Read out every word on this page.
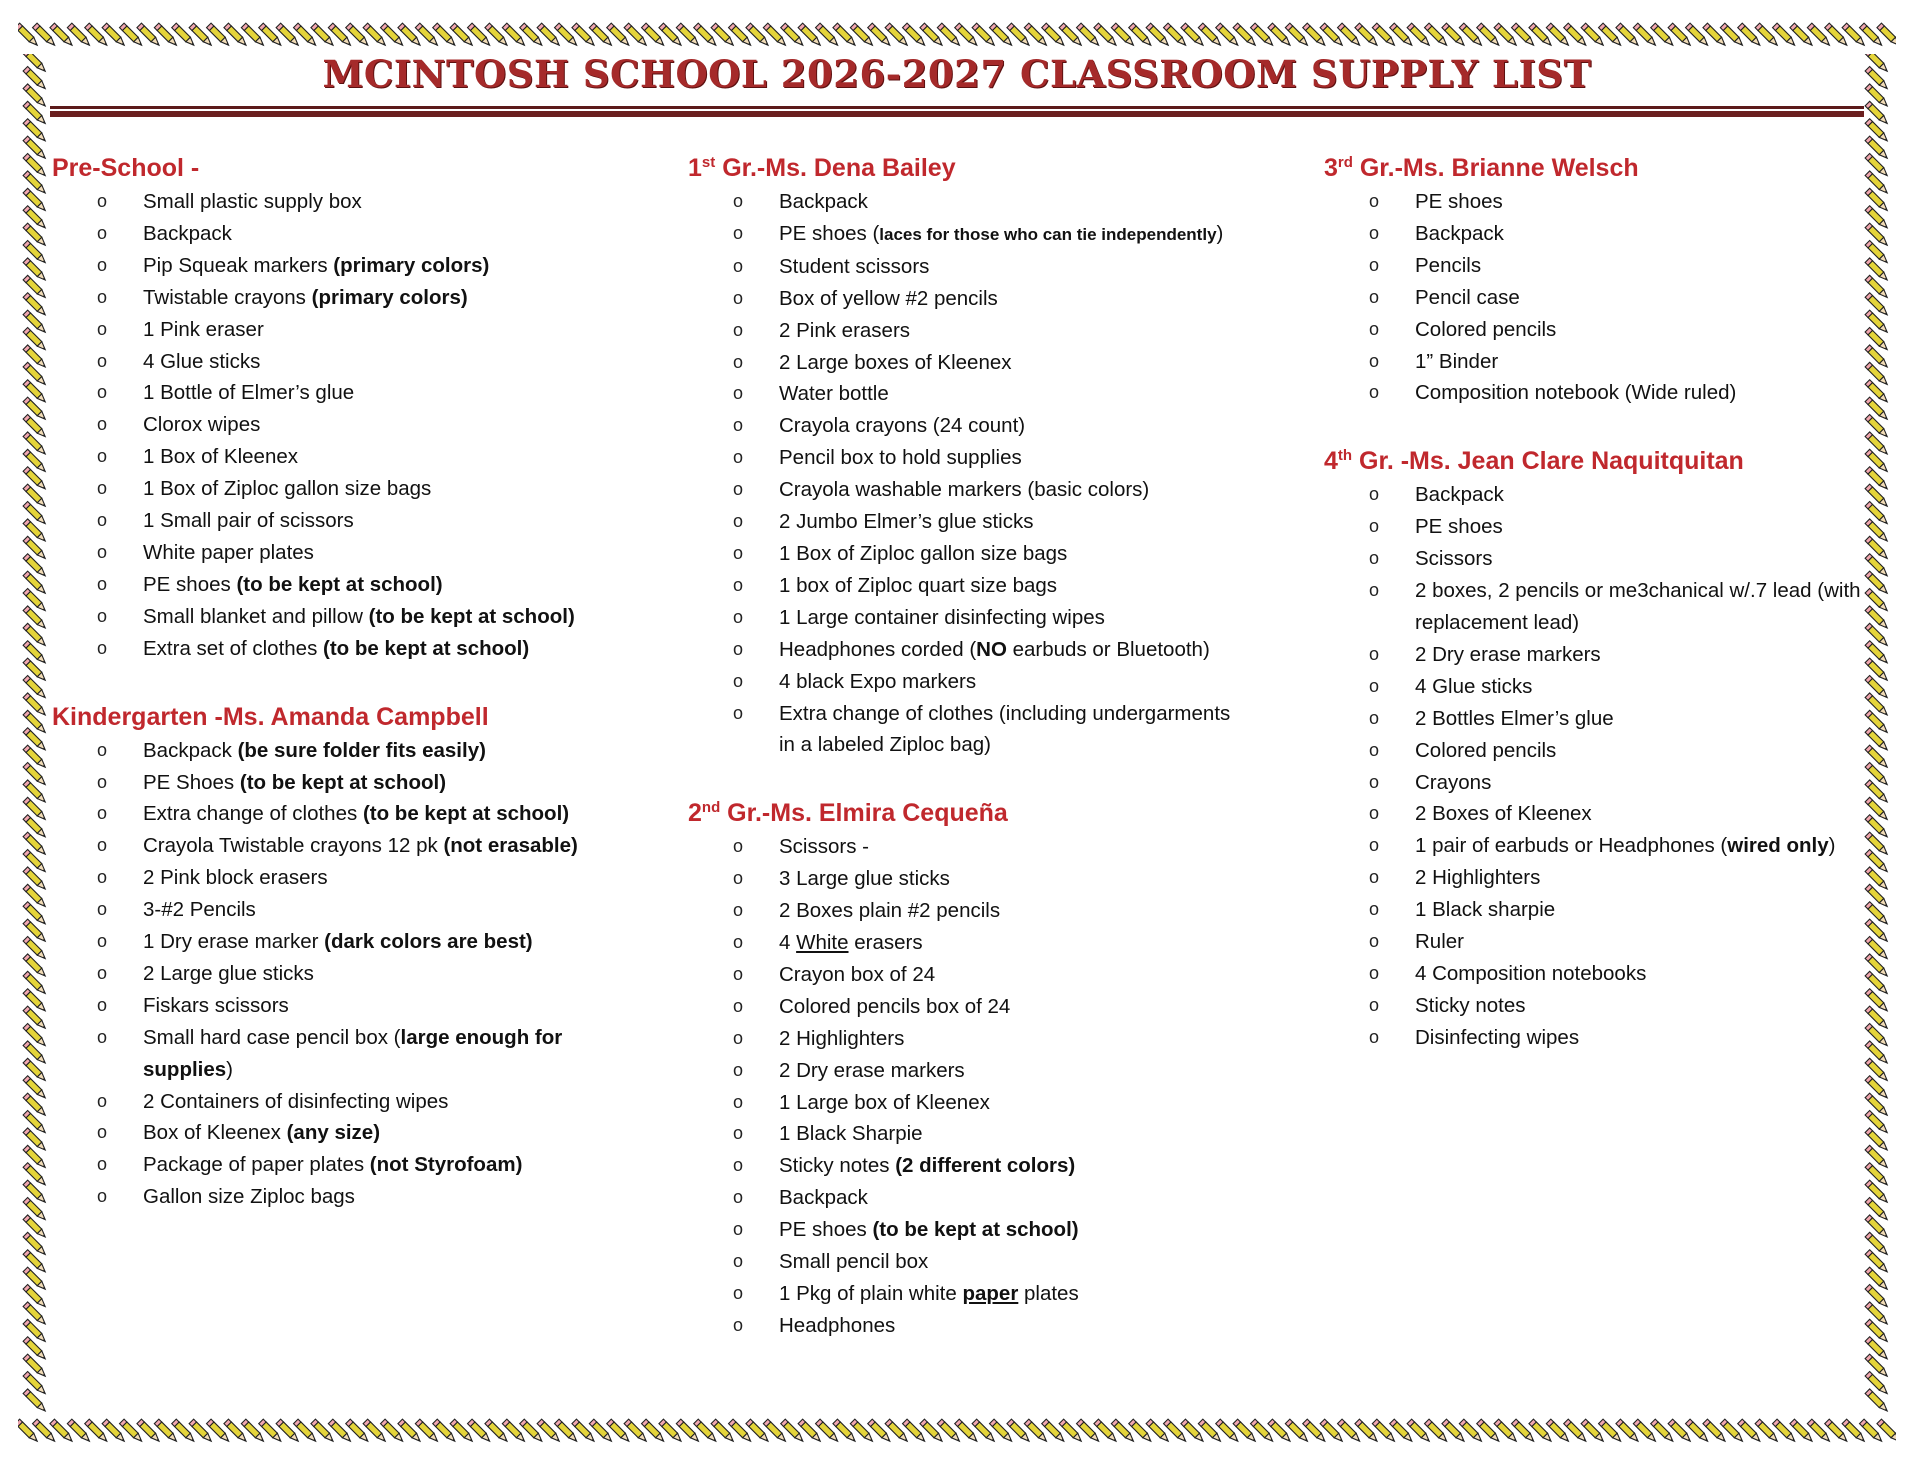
MCINTOSH SCHOOL 2026-2027 CLASSROOM SUPPLY LIST
Pre-School -
o Small plastic supply box
o Backpack
o Pip Squeak markers (primary colors)
o Twistable crayons (primary colors)
o 1 Pink eraser
o 4 Glue sticks
o 1 Bottle of Elmer’s glue
o Clorox wipes
o 1 Box of Kleenex
o 1 Box of Ziploc gallon size bags
o 1 Small pair of scissors
o White paper plates
o PE shoes (to be kept at school)
o Small blanket and pillow (to be kept at school)
o Extra set of clothes (to be kept at school)
Kindergarten -Ms. Amanda Campbell
o Backpack (be sure folder fits easily)
o PE Shoes (to be kept at school)
o Extra change of clothes (to be kept at school)
o Crayola Twistable crayons 12 pk (not erasable)
o 2 Pink block erasers
o 3-#2 Pencils
o 1 Dry erase marker (dark colors are best)
o 2 Large glue sticks
o Fiskars scissors
o Small hard case pencil box (large enough for supplies)
o 2 Containers of disinfecting wipes
o Box of Kleenex (any size)
o Package of paper plates (not Styrofoam)
o Gallon size Ziploc bags
1st Gr.-Ms. Dena Bailey
o Backpack
o PE shoes (laces for those who can tie independently)
o Student scissors
o Box of yellow #2 pencils
o 2 Pink erasers
o 2 Large boxes of Kleenex
o Water bottle
o Crayola crayons (24 count)
o Pencil box to hold supplies
o Crayola washable markers (basic colors)
o 2 Jumbo Elmer’s glue sticks
o 1 Box of Ziploc gallon size bags
o 1 box of Ziploc quart size bags
o 1 Large container disinfecting wipes
o Headphones corded (NO earbuds or Bluetooth)
o 4 black Expo markers
o Extra change of clothes (including undergarments in a labeled Ziploc bag)
2nd Gr.-Ms. Elmira Cequeña
o Scissors -
o 3 Large glue sticks
o 2 Boxes plain #2 pencils
o 4 White erasers
o Crayon box of 24
o Colored pencils box of 24
o 2 Highlighters
o 2 Dry erase markers
o 1 Large box of Kleenex
o 1 Black Sharpie
o Sticky notes (2 different colors)
o Backpack
o PE shoes (to be kept at school)
o Small pencil box
o 1 Pkg of plain white paper plates
o Headphones
3rd Gr.-Ms. Brianne Welsch
o PE shoes
o Backpack
o Pencils
o Pencil case
o Colored pencils
o 1” Binder
o Composition notebook (Wide ruled)
4th Gr. -Ms. Jean Clare Naquitquitan
o Backpack
o PE shoes
o Scissors
o 2 boxes, 2 pencils or me3chanical w/.7 lead (with replacement lead)
o 2 Dry erase markers
o 4 Glue sticks
o 2 Bottles Elmer’s glue
o Colored pencils
o Crayons
o 2 Boxes of Kleenex
o 1 pair of earbuds or Headphones (wired only)
o 2 Highlighters
o 1 Black sharpie
o Ruler
o 4 Composition notebooks
o Sticky notes
o Disinfecting wipes
